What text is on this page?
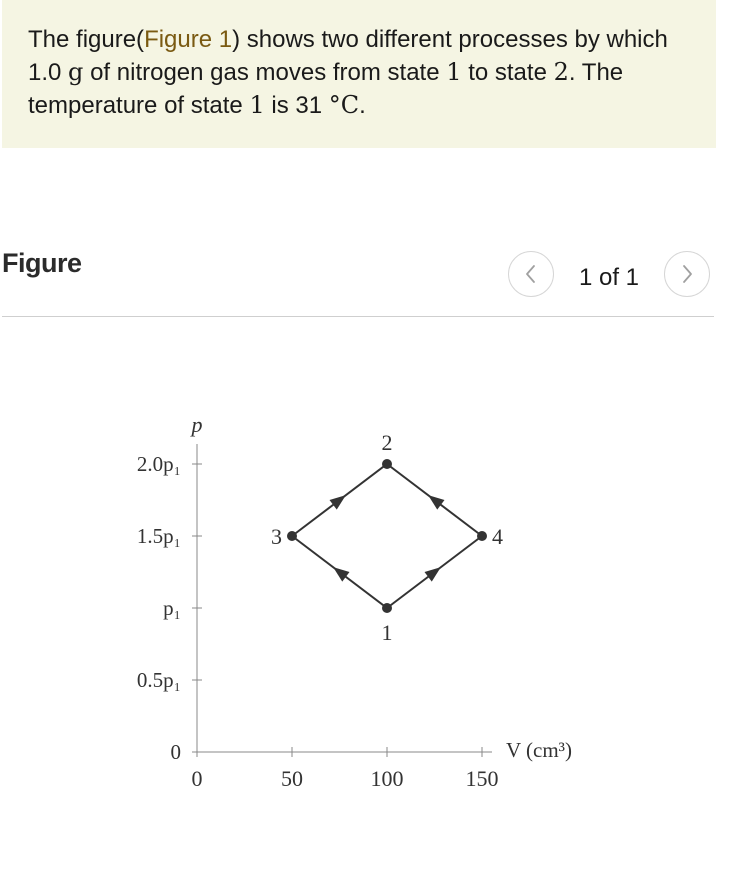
The figure(Figure 1) shows two different processes by which 1.0 g of nitrogen gas moves from state 1 to state 2. The temperature of state 1 is 31 °C.
Figure	1 of 1
0	50	100	150
0
0.5p₁
p₁
1.5p₁
2.0p₁
p
V (cm³)
1
2
3	4
